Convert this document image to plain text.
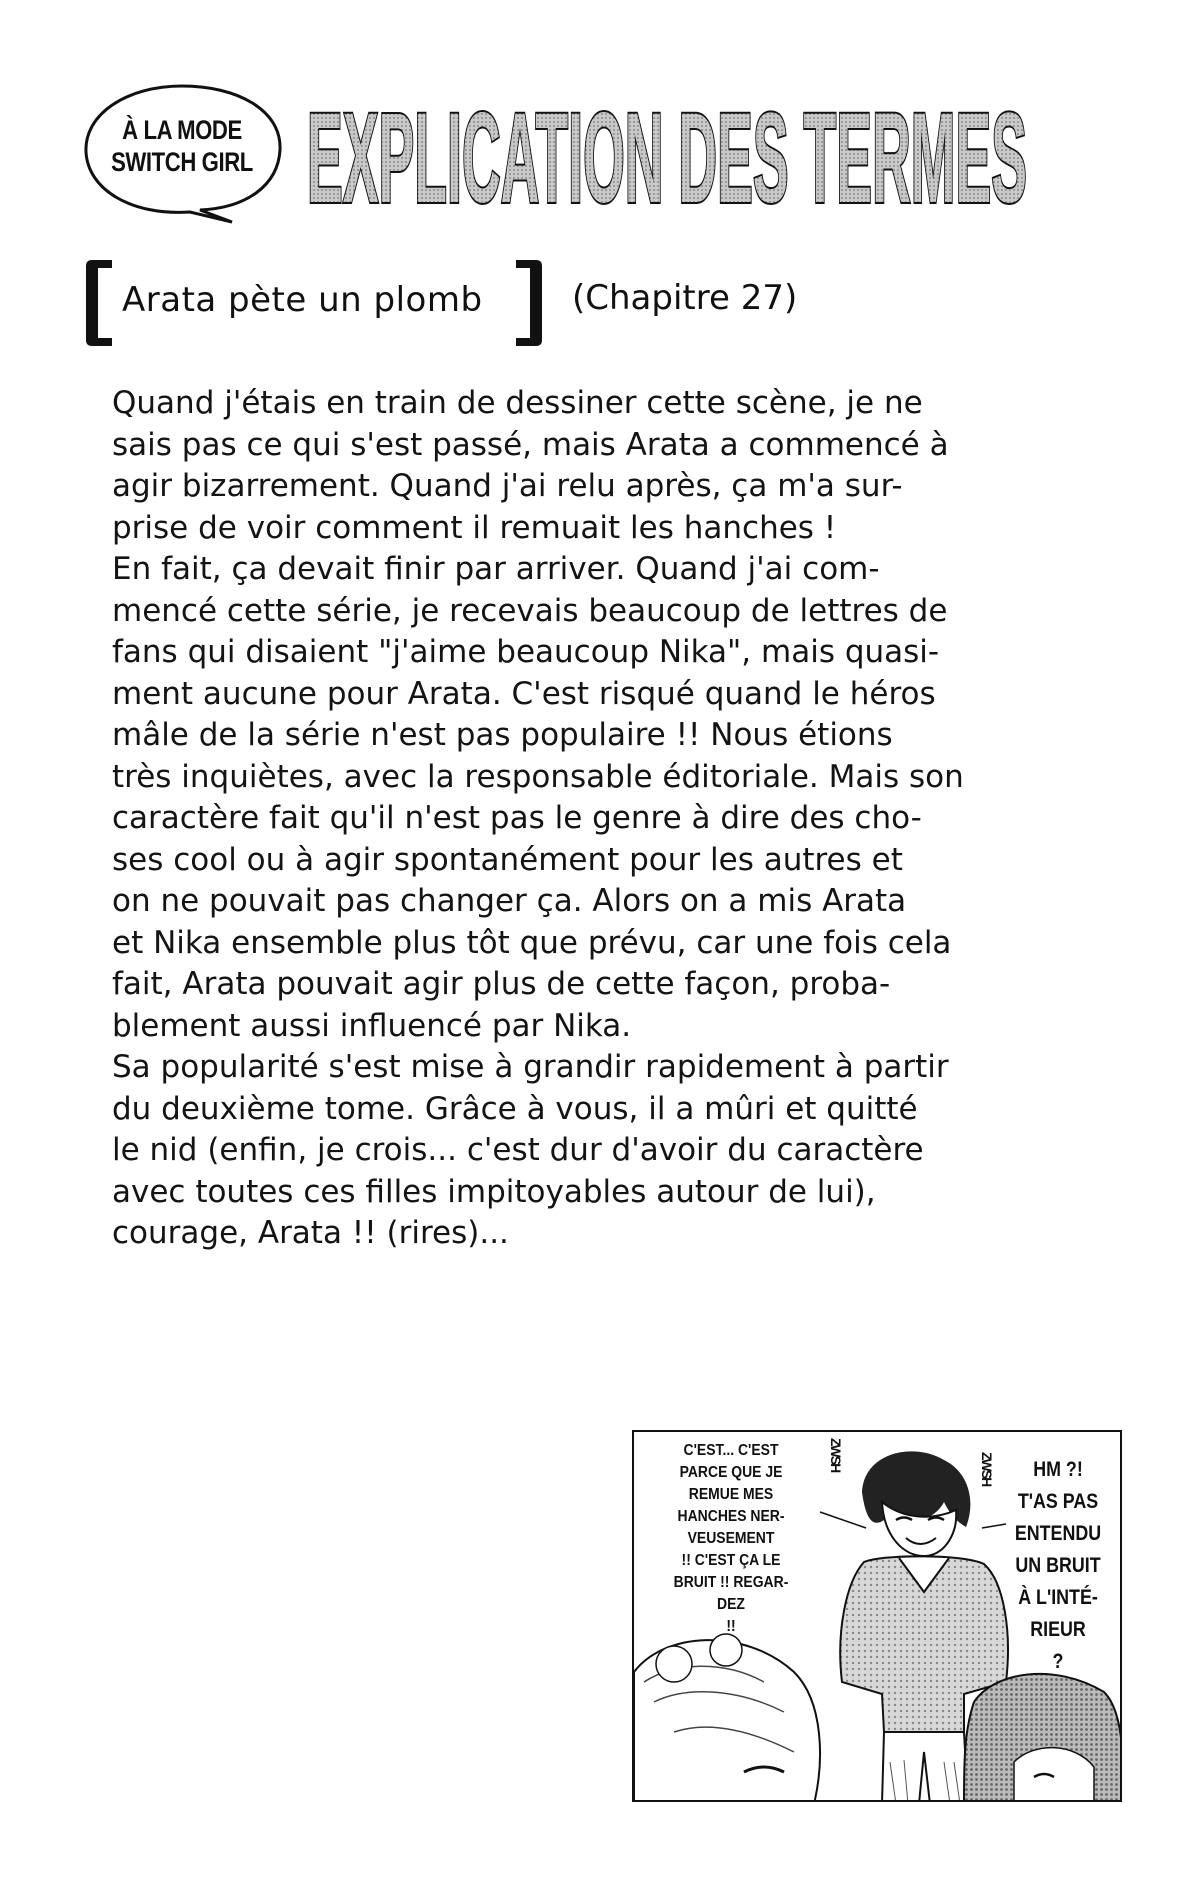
À LA MODE
SWITCH GIRL EXPLICATION DES TERMES
Arata pète un plomb	(Chapitre 27)
Quand j'étais en train de dessiner cette scène, je ne
sais pas ce qui s'est passé, mais Arata a commencé à
agir bizarrement. Quand j'ai relu après, ça m'a sur-
prise de voir comment il remuait les hanches !
En fait, ça devait finir par arriver. Quand j'ai com-
mencé cette série, je recevais beaucoup de lettres de
fans qui disaient "j'aime beaucoup Nika", mais quasi-
ment aucune pour Arata. C'est risqué quand le héros
mâle de la série n'est pas populaire !! Nous étions
très inquiètes, avec la responsable éditoriale. Mais son
caractère fait qu'il n'est pas le genre à dire des cho-
ses cool ou à agir spontanément pour les autres et
on ne pouvait pas changer ça. Alors on a mis Arata
et Nika ensemble plus tôt que prévu, car une fois cela
fait, Arata pouvait agir plus de cette façon, proba-
blement aussi influencé par Nika.
Sa popularité s'est mise à grandir rapidement à partir
du deuxième tome. Grâce à vous, il a mûri et quitté
le nid (enfin, je crois... c'est dur d'avoir du caractère
avec toutes ces filles impitoyables autour de lui),
courage, Arata !! (rires)...
C'EST... C'EST
PARCE QUE JE
REMUE MES
HANCHES NER-
VEUSEMENT
!! C'EST ÇA LE
BRUIT !! REGAR-
DEZ
!!
HM ?!
T'AS PAS
ENTENDU
UN BRUIT
À L'INTÉ-
RIEUR
?
ZWSH	ZWSH
